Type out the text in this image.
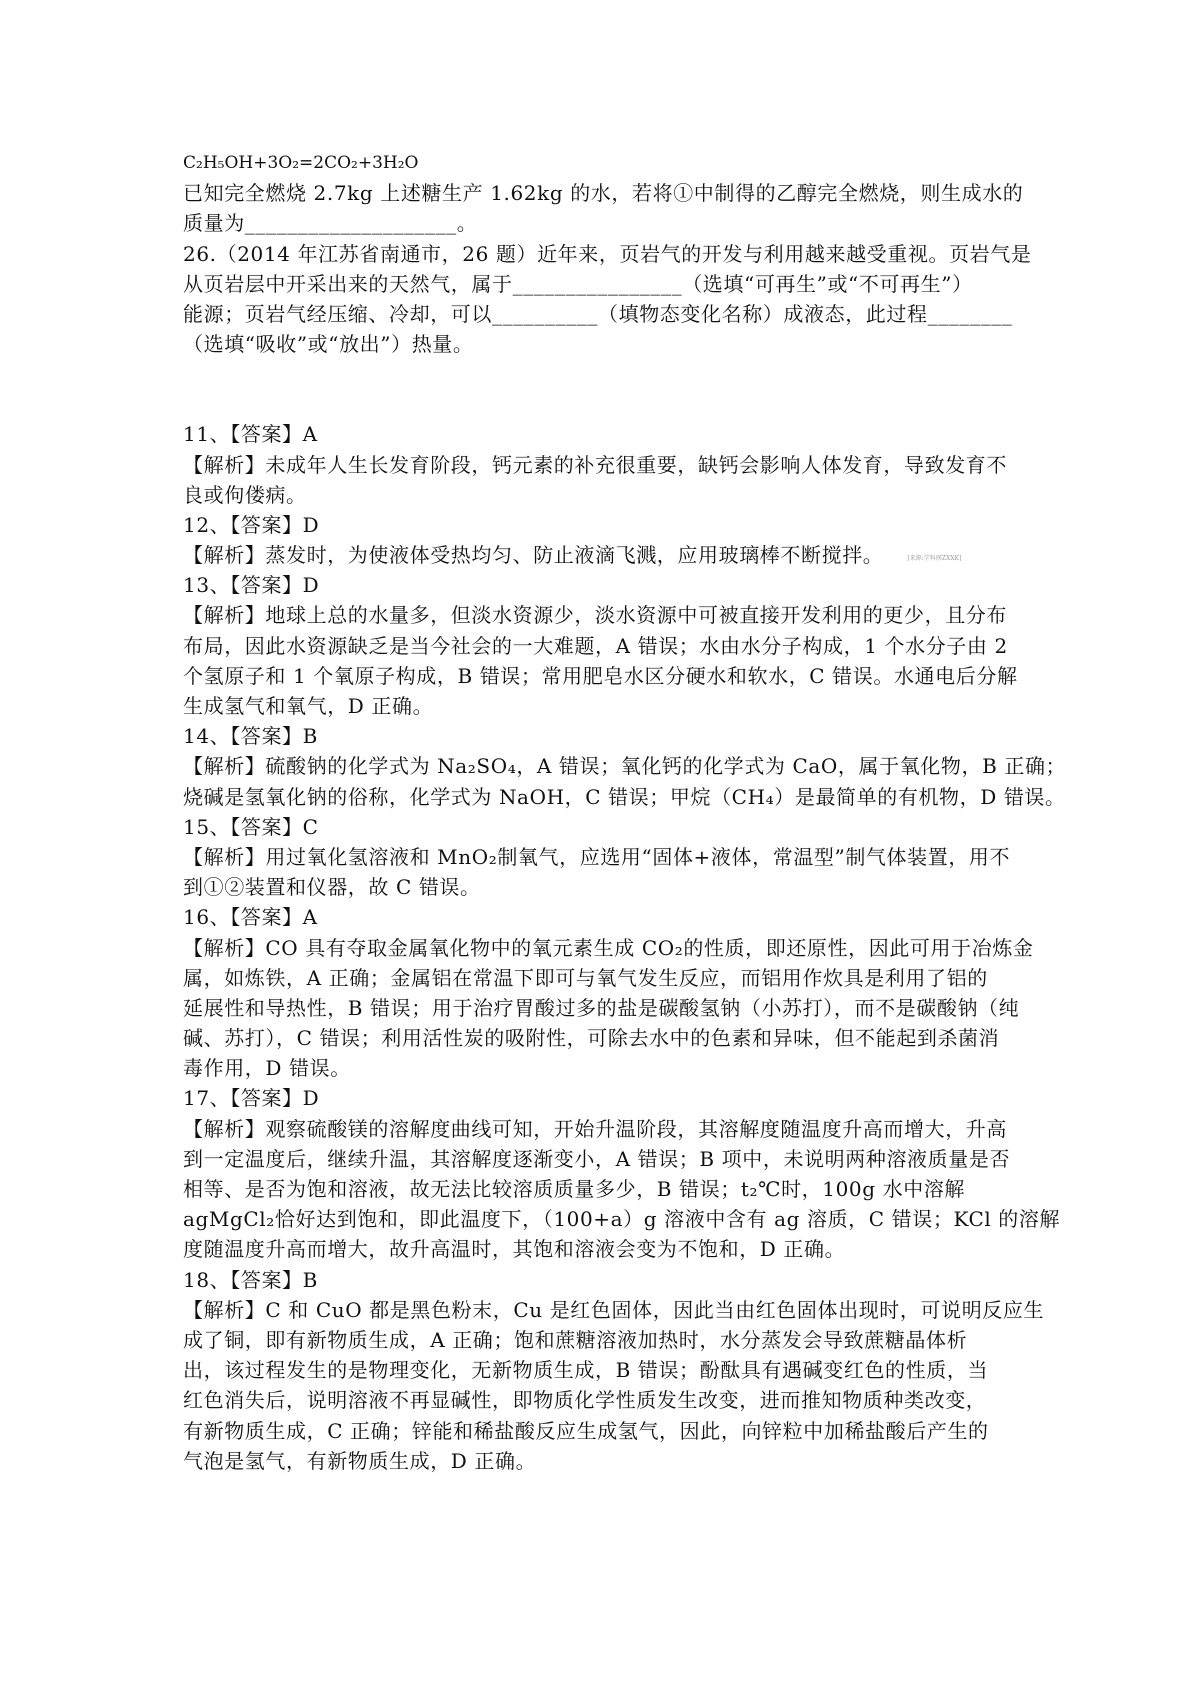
C₂H₅OH+3O₂=2CO₂+3H₂O
已知完全燃烧 2.7kg 上述糖生产 1.62kg 的水，若将①中制得的乙醇完全燃烧，则生成水的
质量为____________________。
26.（2014 年江苏省南通市，26 题）近年来，页岩气的开发与利用越来越受重视。页岩气是
从页岩层中开采出来的天然气，属于________________（选填“可再生”或“不可再生”）
能源；页岩气经压缩、冷却，可以__________（填物态变化名称）成液态，此过程________
（选填“吸收”或“放出”）热量。
11、【答案】A
【解析】未成年人生长发育阶段，钙元素的补充很重要，缺钙会影响人体发育，导致发育不
良或佝偻病。
12、【答案】D
【解析】蒸发时，为使液体受热均匀、防止液滴飞溅，应用玻璃棒不断搅拌。	[来源:学科网ZXXK]
13、【答案】D
【解析】地球上总的水量多，但淡水资源少，淡水资源中可被直接开发利用的更少，且分布
布局，因此水资源缺乏是当今社会的一大难题，A 错误；水由水分子构成，1 个水分子由 2
个氢原子和 1 个氧原子构成，B 错误；常用肥皂水区分硬水和软水，C 错误。水通电后分解
生成氢气和氧气，D 正确。
14、【答案】B
【解析】硫酸钠的化学式为 Na₂SO₄，A 错误；氧化钙的化学式为 CaO，属于氧化物，B 正确；
烧碱是氢氧化钠的俗称，化学式为 NaOH，C 错误；甲烷（CH₄）是最简单的有机物，D 错误。
15、【答案】C
【解析】用过氧化氢溶液和 MnO₂制氧气，应选用“固体+液体，常温型”制气体装置，用不
到①②装置和仪器，故 C 错误。
16、【答案】A
【解析】CO 具有夺取金属氧化物中的氧元素生成 CO₂的性质，即还原性，因此可用于冶炼金
属，如炼铁，A 正确；金属铝在常温下即可与氧气发生反应，而铝用作炊具是利用了铝的
延展性和导热性，B 错误；用于治疗胃酸过多的盐是碳酸氢钠（小苏打），而不是碳酸钠（纯
碱、苏打），C 错误；利用活性炭的吸附性，可除去水中的色素和异味，但不能起到杀菌消
毒作用，D 错误。
17、【答案】D
【解析】观察硫酸镁的溶解度曲线可知，开始升温阶段，其溶解度随温度升高而增大，升高
到一定温度后，继续升温，其溶解度逐渐变小，A 错误；B 项中，未说明两种溶液质量是否
相等、是否为饱和溶液，故无法比较溶质质量多少，B 错误；t₂℃时，100g 水中溶解
agMgCl₂恰好达到饱和，即此温度下，（100+a）g 溶液中含有 ag 溶质，C 错误；KCl 的溶解
度随温度升高而增大，故升高温时，其饱和溶液会变为不饱和，D 正确。
18、【答案】B
【解析】C 和 CuO 都是黑色粉末，Cu 是红色固体，因此当由红色固体出现时，可说明反应生
成了铜，即有新物质生成，A 正确；饱和蔗糖溶液加热时，水分蒸发会导致蔗糖晶体析
出，该过程发生的是物理变化，无新物质生成，B 错误；酚酞具有遇碱变红色的性质，当
红色消失后，说明溶液不再显碱性，即物质化学性质发生改变，进而推知物质种类改变，
有新物质生成，C 正确；锌能和稀盐酸反应生成氢气，因此，向锌粒中加稀盐酸后产生的
气泡是氢气，有新物质生成，D 正确。
